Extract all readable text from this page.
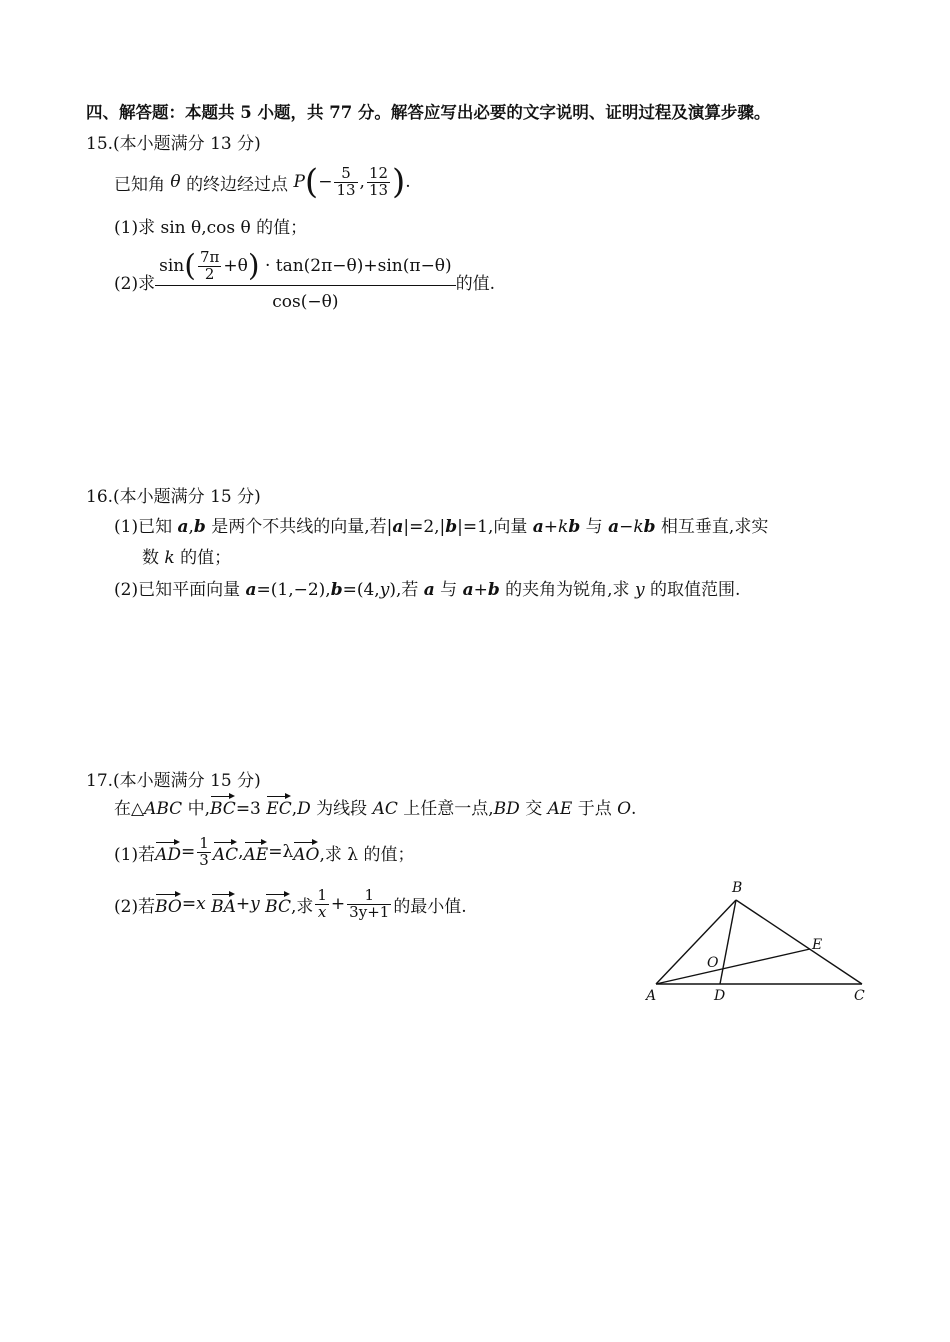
四、解答题：本题共 5 小题，共 77 分。解答应写出必要的文字说明、证明过程及演算步骤。
15.(本小题满分 13 分)
已知角
θ
的终边经过点
P ( − $\frac{5}{13}$ , $\frac{12}{13}$ ) .
(1)求 sin θ,cos θ 的值；
(2)求 $\frac{\sin( \frac{7\pi}{2} +\theta) \cdot \tan(2\pi-\theta)+\sin(\pi-\theta)}{\cos(-\theta)}$ 的值.
16.(本小题满分 15 分)
(1)已知 a,b 是两个不共线的向量,若|a|=2,|b|=1,向量 a+kb 与 a−kb 相互垂直,求实
数 k 的值；
(2)已知平面向量 a=(1,−2),b=(4,y),若 a 与 a+b 的夹角为锐角,求 y 的取值范围.
17.(本小题满分 15 分)
在△ABC 中,BC=3 EC,D 为线段 AC 上任意一点,BD 交 AE 于点 O.
(1)若 AD = $\frac{1}{3}$ AC , AE =λ AO ,求 λ 的值；
(2)若 BO = x
BA + y
BC ,求 $\frac{1}{x} + \frac{1}{3y+1}$ 的最小值.
A
B
C
D
E
O
